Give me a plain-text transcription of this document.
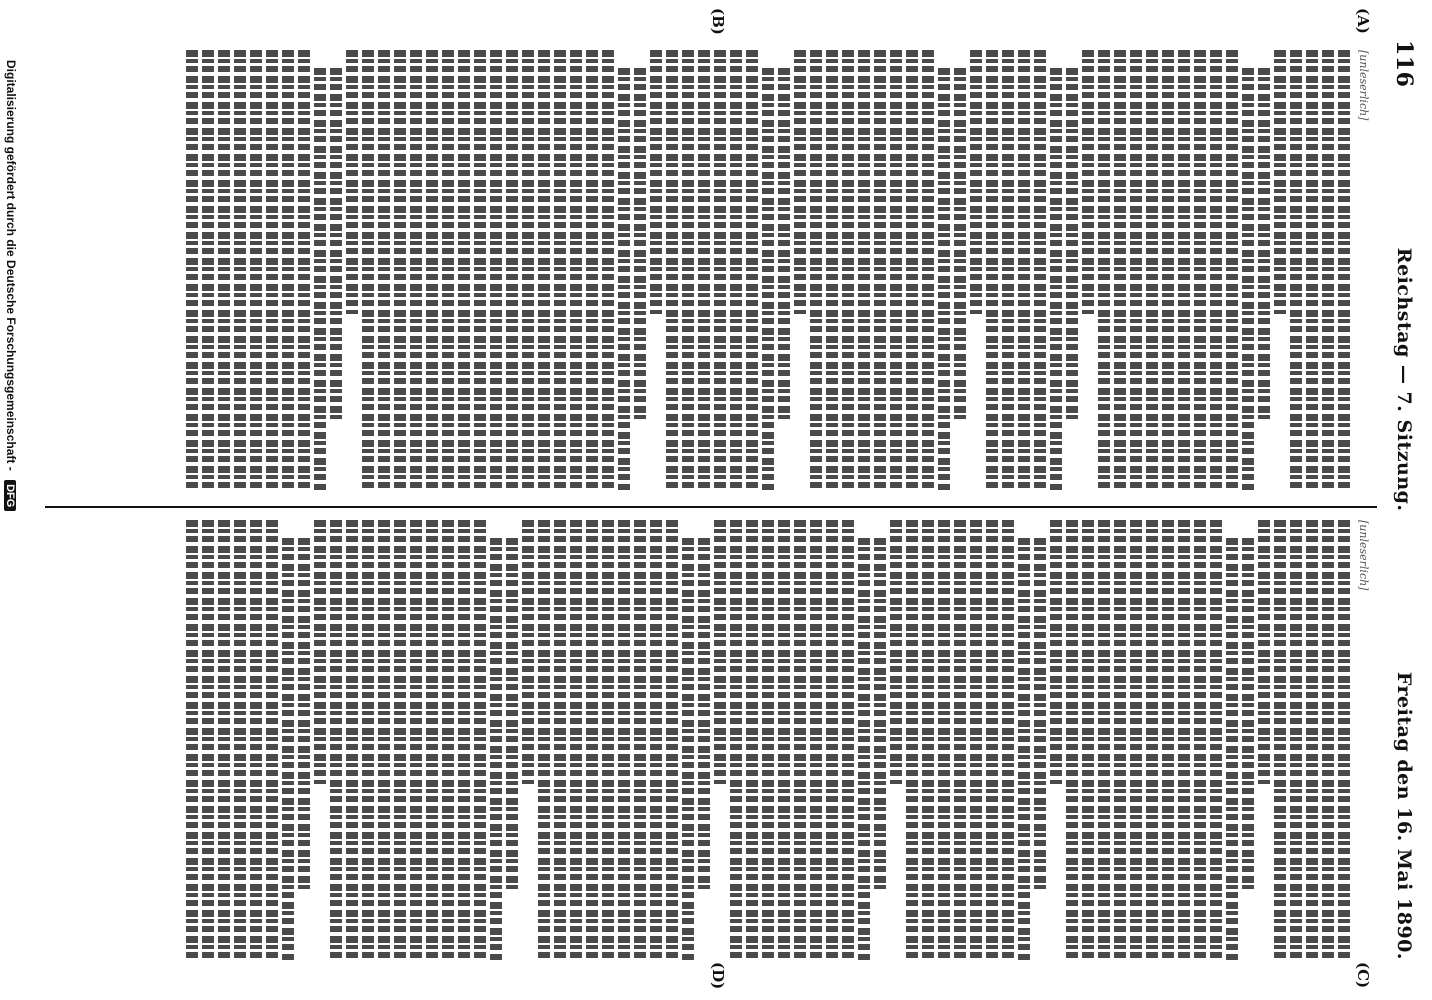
116
Reichstag — 7. Sitzung.
Freitag den 16. Mai 1890.
(A)
(B)
(C)
(D)
[unleserlich]
[unleserlich]
Digitalisierung gefördert durch die Deutsche Forschungsgemeinschaft - DFG
